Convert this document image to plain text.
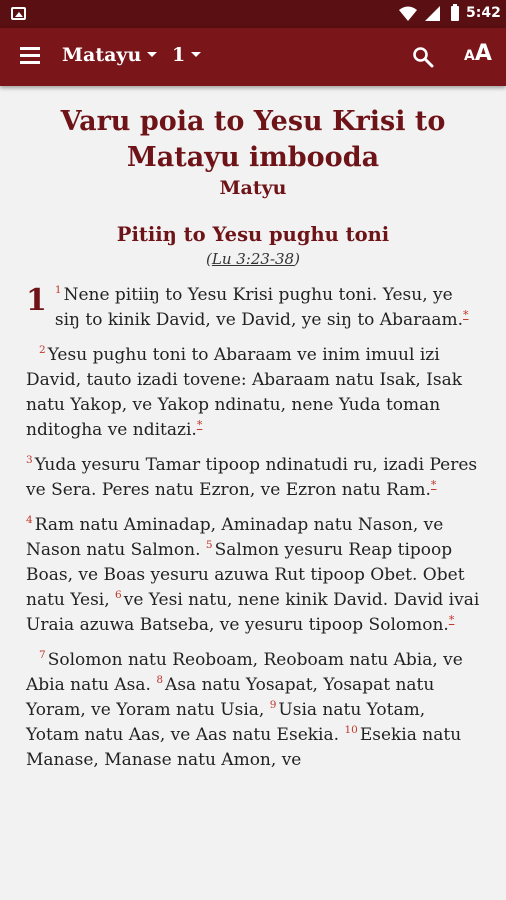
5:42
Matayu	1	AA
Varu poia to Yesu Krisi to Matayu imbooda
Matyu
Pitiiŋ to Yesu pughu toni
(Lu 3:23-38)

1 $^1$ Nene pitiiŋ to Yesu Krisi pughu toni. Yesu, ye siŋ to kinik David, ve David, ye siŋ to Abaraam.*

$^2$ Yesu pughu toni to Abaraam ve inim imuul izi David, tauto izadi tovene: Abaraam natu Isak, Isak natu Yakop, ve Yakop ndinatu, nene Yuda toman nditogha ve nditazi.*

$^3$ Yuda yesuru Tamar tipoop ndinatudi ru, izadi Peres ve Sera. Peres natu Ezron, ve Ezron natu Ram.*

$^4$ Ram natu Aminadap, Aminadap natu Nason, ve Nason natu Salmon. $^5$ Salmon yesuru Reap tipoop Boas, ve Boas yesuru azuwa Rut tipoop Obet. Obet natu Yesi, $^6$ ve Yesi natu, nene kinik David. David ivai Uraia azuwa Batseba, ve yesuru tipoop Solomon.*

$^7$ Solomon natu Reoboam, Reoboam natu Abia, ve Abia natu Asa. $^8$ Asa natu Yosapat, Yosapat natu Yoram, ve Yoram natu Usia, $^9$ Usia natu Yotam, Yotam natu Aas, ve Aas natu Esekia. $^{10}$ Esekia natu Manase, Manase natu Amon, ve
